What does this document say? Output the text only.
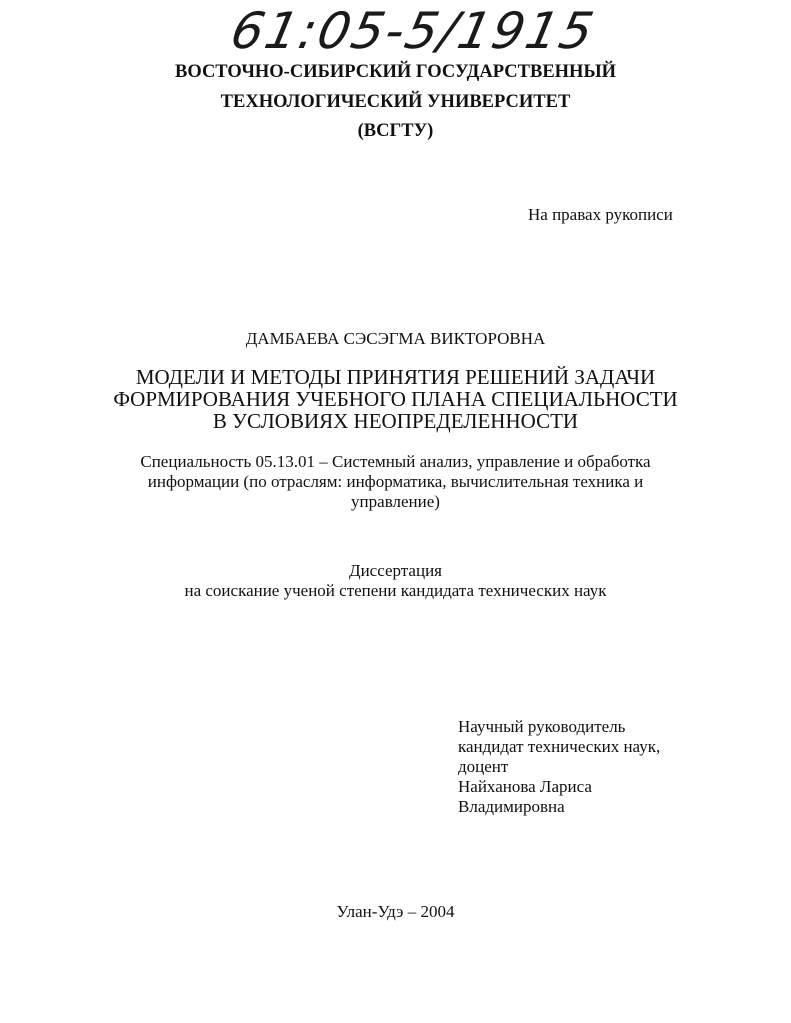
61:05-5/1915
ВОСТОЧНО-СИБИРСКИЙ ГОСУДАРСТВЕННЫЙ
ТЕХНОЛОГИЧЕСКИЙ УНИВЕРСИТЕТ
(ВСГТУ)
На правах рукописи
ДАМБАЕВА СЭСЭГМА ВИКТОРОВНА
МОДЕЛИ И МЕТОДЫ ПРИНЯТИЯ РЕШЕНИЙ ЗАДАЧИ
ФОРМИРОВАНИЯ УЧЕБНОГО ПЛАНА СПЕЦИАЛЬНОСТИ
В УСЛОВИЯХ НЕОПРЕДЕЛЕННОСТИ
Специальность 05.13.01 – Системный анализ, управление и обработка
информации (по отраслям: информатика, вычислительная техника и
управление)
Диссертация
на соискание ученой степени кандидата технических наук
Научный руководитель
кандидат технических наук,
доцент
Найханова Лариса
Владимировна
Улан-Удэ – 2004
